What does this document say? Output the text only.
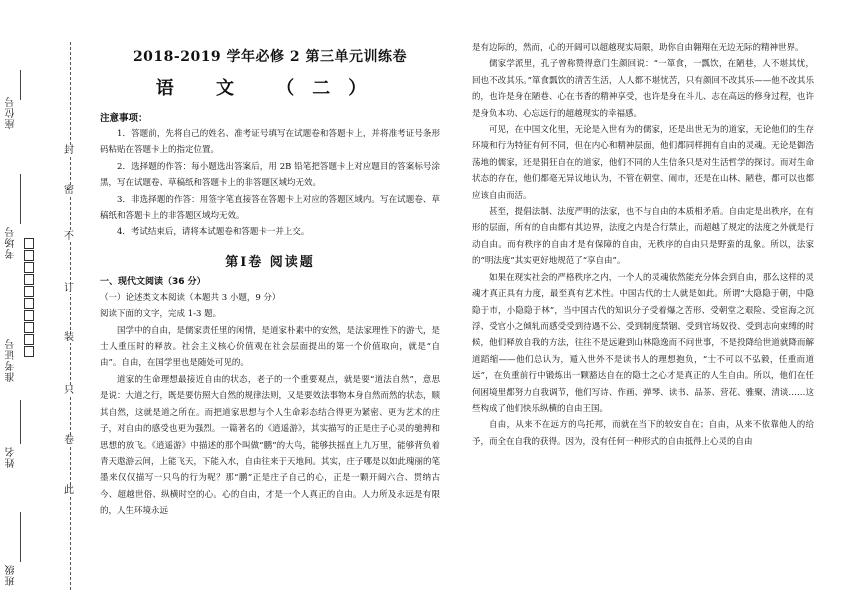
封
密
不
订
装
只
卷
此
座位号
考场号
准考证号
姓名
班级
2018-2019 学年必修 2 第三单元训练卷
语 文 （二）
注意事项：

1．答题前，先将自己的姓名、准考证号填写在试题卷和答题卡上，并将准考证号条形码粘贴在答题卡上的指定位置。

2．选择题的作答：每小题选出答案后，用 2B 铅笔把答题卡上对应题目的答案标号涂黑，写在试题卷、草稿纸和答题卡上的非答题区域均无效。

3．非选择题的作答：用签字笔直接答在答题卡上对应的答题区域内。写在试题卷、草稿纸和答题卡上的非答题区域均无效。

4．考试结束后，请将本试题卷和答题卡一并上交。

第Ⅰ卷 阅读题
一、现代文阅读（36 分）

（一）论述类文本阅读（本题共 3 小题，9 分）

阅读下面的文字，完成 1-3 题。

国学中的自由，是儒家责任里的闲情，是道家朴素中的安然，是法家理性下的游弋，是士人重压时的释放。社会主义核心价值观在社会层面提出的第一个价值取向，就是“自由”。自由，在国学里也是随处可见的。

道家的生命理想最接近自由的状态，老子的一个重要观点，就是要“道法自然”，意思是说：大道之行，既是要仿照大自然的规律法则，又是要效法事物本身自然而然的状态，顺其自然，这就是道之所在。而把道家思想与个人生命彩态结合得更为紧密、更为艺术的庄子，对自由的感受也更为强烈。一篇著名的《逍遥游》，其实描写的正是庄子心灵的驰骋和思想的放飞。《逍遥游》中描述的那个叫做“鹏”的大鸟，能够扶摇直上九万里，能够背负着青天遨游云间，上能飞天，下能入水，自由往来于天地间。其实，庄子哪是以如此瑰丽的笔墨来仅仅描写一只鸟的行为呢？那“鹏”正是庄子自己的心，正是一颗开阔六合、贯纳古今、超越世俗、纵横时空的心。心的自由，才是一个人真正的自由。人力所及永远是有限的，人生环境永远

是有边际的，然而，心的开阔可以超越现实局限，助你自由翱翔在无边无际的精神世界。

儒家学派里，孔子曾称赞得意门生颜回说：“一箪食，一瓢饮，在陋巷，人不堪其忧，回也不改其乐。”箪食瓢饮的清苦生活，人人都不堪忧苦，只有颜回不改其乐——他不改其乐的，也许是身在陋巷、心在书香的精神享受，也许是身在斗儿、志在高远的修身过程，也许是身负本功、心忘远行的超越现实的幸福感。

可见，在中国文化里，无论是入世有为的儒家，还是出世无为的道家，无论他们的生存环境和行为特征有何不同，但在内心和精神层面，他们都同样拥有自由的灵魂。无论是御浩荡地的儒家，还是狷狂自在的道家，他们不同的人生信条只是对生活哲学的探讨。而对生命状态的存在，他们都毫无异议地认为，不管在朝堂、闹市，还是在山林、陋巷，都可以也都应该自由而活。

甚至，提倡法制、法度严明的法家，也不与自由的本质相矛盾。自由定是出秩序，在有形的层面，所有的自由都有其边界，法度之内是合行禁止，而超越了规定的法度之外就是行动自由。而有秩序的自由才是有保障的自由，无秩序的自由只是野蛮的乱象。所以，法家的“明法度”其实更好地规范了“享自由”。

如果在现实社会的严格秩序之内，一个人的灵魂依然能充分体会到自由，那么这样的灵魂才真正具有力度，最至真有艺术性。中国古代的士人就是如此。所谓“大隐隐于朝，中隐隐于市，小隐隐于林”，当中国古代的知识分子受着爆之苦形、受朝堂之艰险、受宦海之沉浮、受官小之倾轧而感受受到待遇不公、受到制度禁锢、受到官场奴役、受到志向束缚的时候，他们释放自我的方法，往往不是远避到山林隐逸而不问世事，不是投降给世道就降而解道蹈缩——他们总认为，遁入世外不是读书人的理想抱负，“士不可以不弘毅，任重而道远”，在负重前行中锻炼出一颗豁达自在的隐士之心才是真正的人生自由。所以，他们在任何困境里都努力自我调节，他们写诗、作画、弹琴、读书、品茶、营花、雅聚、清谈……这些构成了他们快乐纵横的自由王国。

自由，从来不在远方的鸟托邦，而就在当下的较安自在；自由，从来不依靠他人的给予，而全在自我的获得。因为，没有任何一种形式的自由抵得上心灵的自由
